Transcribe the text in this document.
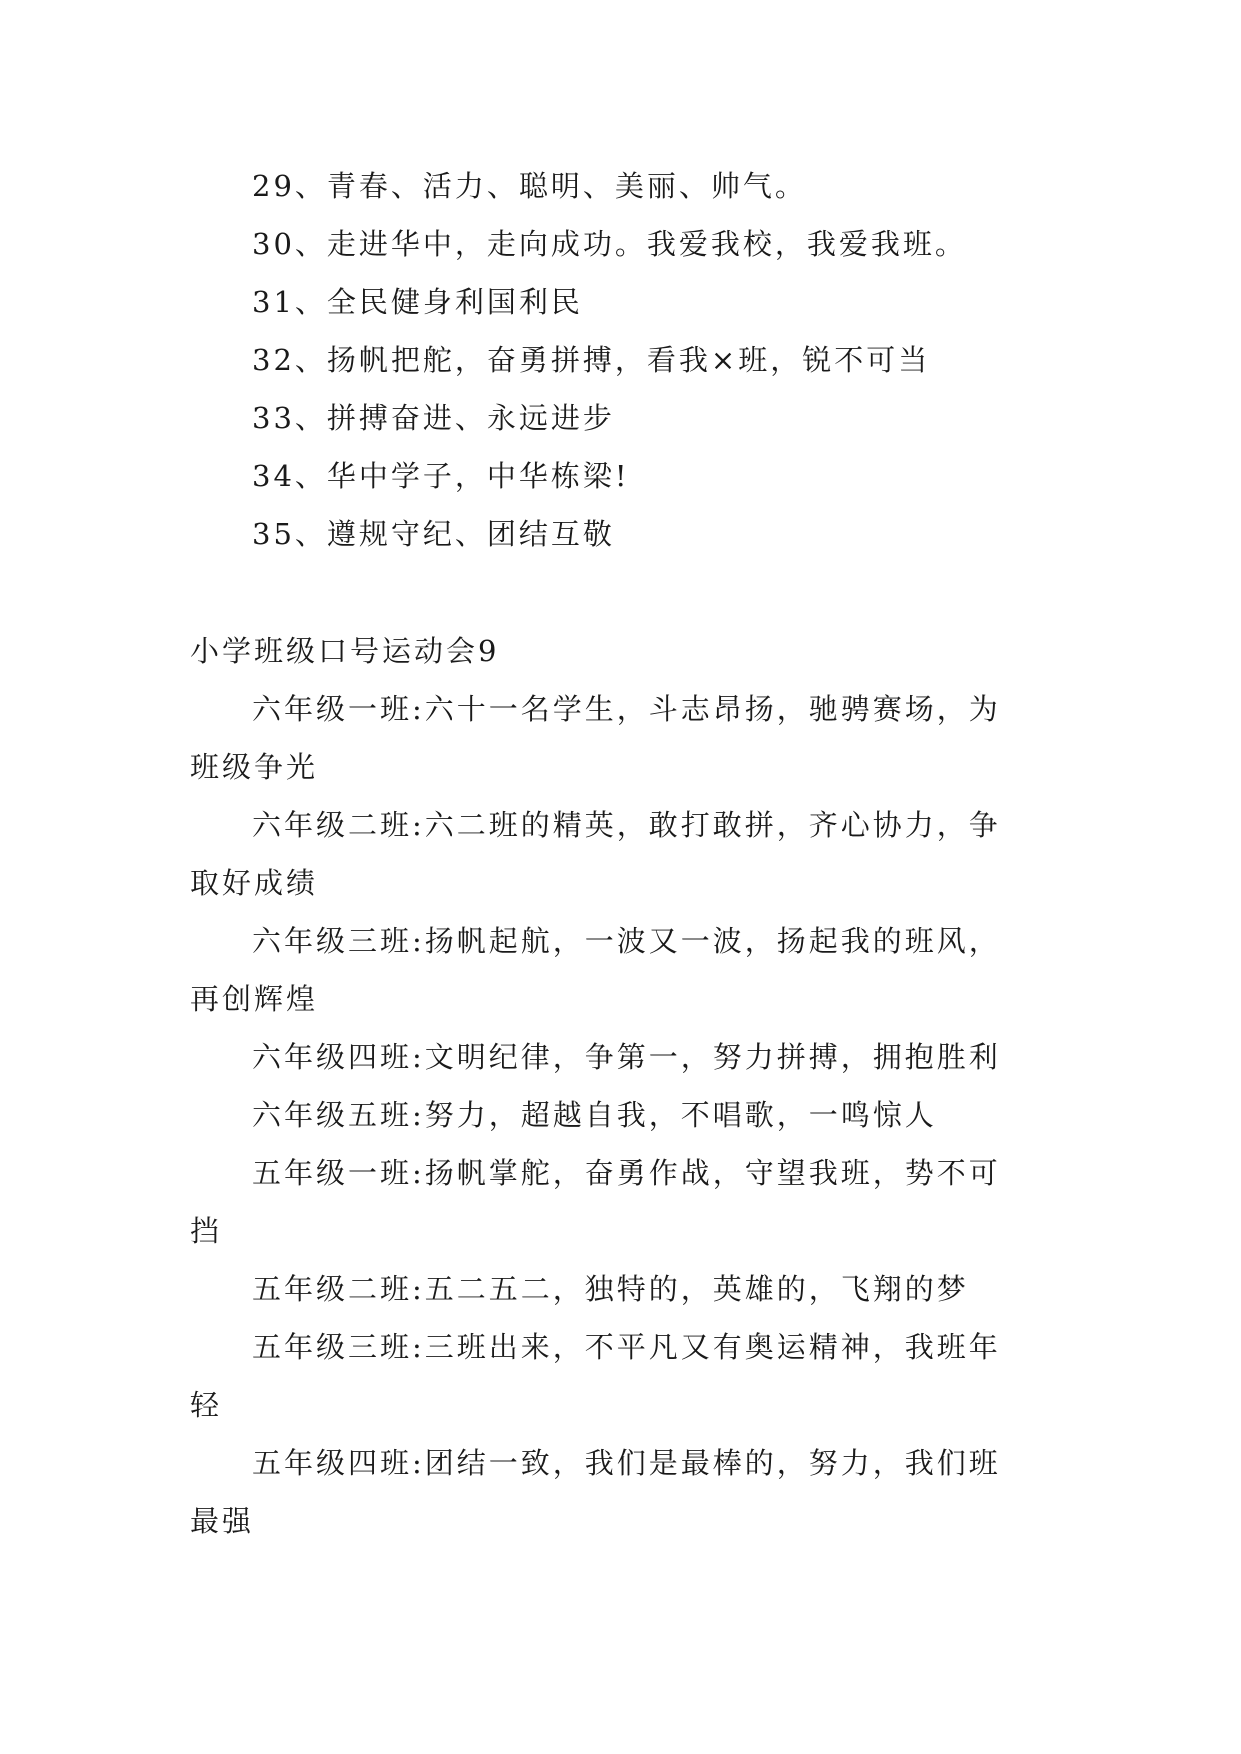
29、青春、活力、聪明、美丽、帅气。
30、走进华中，走向成功。我爱我校，我爱我班。
31、全民健身利国利民
32、扬帆把舵，奋勇拼搏，看我×班，锐不可当
33、拼搏奋进、永远进步
34、华中学子，中华栋梁!
35、遵规守纪、团结互敬
小学班级口号运动会9
六年级一班:六十一名学生，斗志昂扬，驰骋赛场，为
班级争光
六年级二班:六二班的精英，敢打敢拼，齐心协力，争
取好成绩
六年级三班:扬帆起航，一波又一波，扬起我的班风，
再创辉煌
六年级四班:文明纪律，争第一，努力拼搏，拥抱胜利
六年级五班:努力，超越自我，不唱歌，一鸣惊人
五年级一班:扬帆掌舵，奋勇作战，守望我班，势不可
挡
五年级二班:五二五二，独特的，英雄的，飞翔的梦
五年级三班:三班出来，不平凡又有奥运精神，我班年
轻
五年级四班:团结一致，我们是最棒的，努力，我们班
最强
